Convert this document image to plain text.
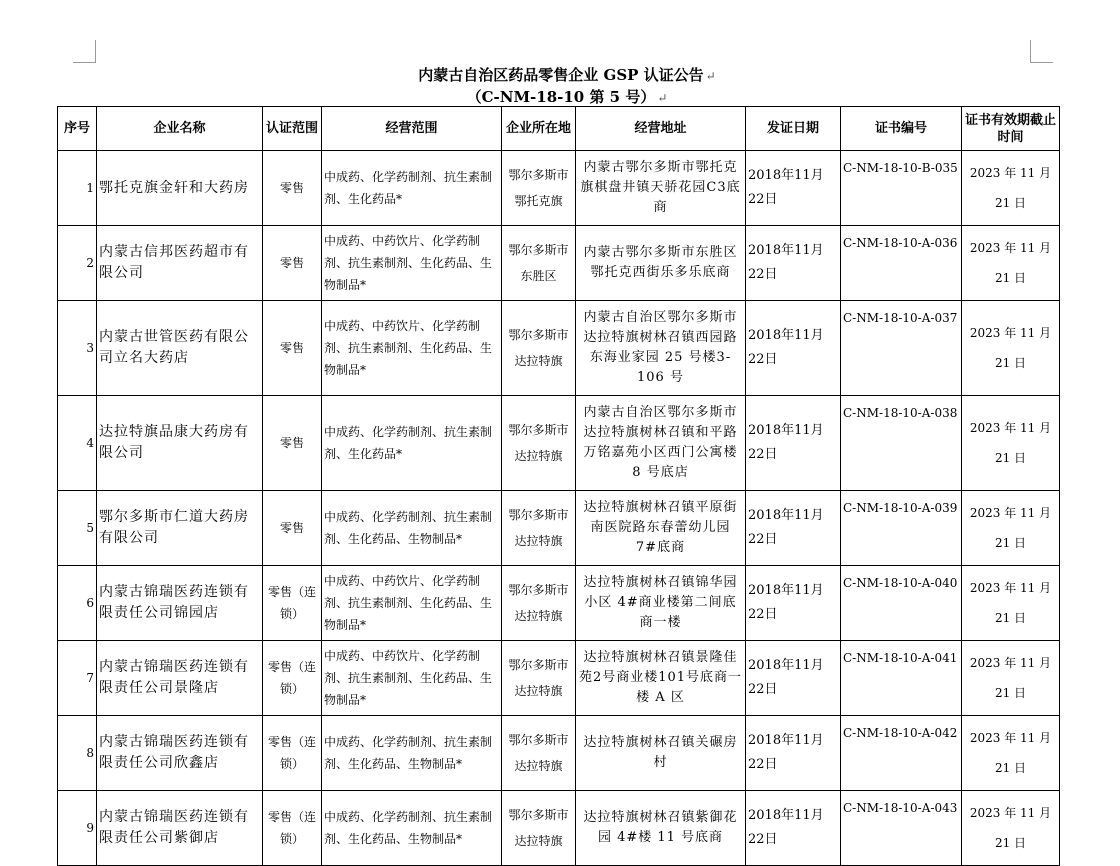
内蒙古自治区药品零售企业 GSP 认证公告 ↵
（C-NM-18-10 第 5 号） ↵
序号	企业名称	认证范围	经营范围	企业所在地	经营地址	发证日期	证书编号	证书有效期截止时间
1	鄂托克旗金轩和大药房	零售	中成药、化学药制剂、抗生素制剂、生化药品*	鄂尔多斯市鄂托克旗	内蒙古鄂尔多斯市鄂托克旗棋盘井镇天骄花园C3底商	2018年11月22日	C-NM-18-10-B-035	2023 年 11 月 21 日
2	内蒙古信邦医药超市有限公司	零售	中成药、中药饮片、化学药制剂、抗生素制剂、生化药品、生物制品*	鄂尔多斯市东胜区	内蒙古鄂尔多斯市东胜区鄂托克西街乐多乐底商	2018年11月22日	C-NM-18-10-A-036	2023 年 11 月 21 日
3	内蒙古世管医药有限公司立名大药店	零售	中成药、中药饮片、化学药制剂、抗生素制剂、生化药品、生物制品*	鄂尔多斯市达拉特旗	内蒙古自治区鄂尔多斯市达拉特旗树林召镇西园路东海业家园 25 号楼3-106 号	2018年11月22日	C-NM-18-10-A-037	2023 年 11 月 21 日
4	达拉特旗品康大药房有限公司	零售	中成药、化学药制剂、抗生素制剂、生化药品*	鄂尔多斯市达拉特旗	内蒙古自治区鄂尔多斯市达拉特旗树林召镇和平路万铭嘉苑小区西门公寓楼 8 号底店	2018年11月22日	C-NM-18-10-A-038	2023 年 11 月 21 日
5	鄂尔多斯市仁道大药房有限公司	零售	中成药、化学药制剂、抗生素制剂、生化药品、生物制品*	鄂尔多斯市达拉特旗	达拉特旗树林召镇平原街南医院路东春蕾幼儿园 7#底商	2018年11月22日	C-NM-18-10-A-039	2023 年 11 月 21 日
6	内蒙古锦瑞医药连锁有限责任公司锦园店	零售（连锁）	中成药、中药饮片、化学药制剂、抗生素制剂、生化药品、生物制品*	鄂尔多斯市达拉特旗	达拉特旗树林召镇锦华园小区 4#商业楼第二间底商一楼	2018年11月22日	C-NM-18-10-A-040	2023 年 11 月 21 日
7	内蒙古锦瑞医药连锁有限责任公司景隆店	零售（连锁）	中成药、中药饮片、化学药制剂、抗生素制剂、生化药品、生物制品*	鄂尔多斯市达拉特旗	达拉特旗树林召镇景隆佳苑2号商业楼101号底商一楼 A 区	2018年11月22日	C-NM-18-10-A-041	2023 年 11 月 21 日
8	内蒙古锦瑞医药连锁有限责任公司欣鑫店	零售（连锁）	中成药、化学药制剂、抗生素制剂、生化药品、生物制品*	鄂尔多斯市达拉特旗	达拉特旗树林召镇关碾房村	2018年11月22日	C-NM-18-10-A-042	2023 年 11 月 21 日
9	内蒙古锦瑞医药连锁有限责任公司紫御店	零售（连锁）	中成药、化学药制剂、抗生素制剂、生化药品、生物制品*	鄂尔多斯市达拉特旗	达拉特旗树林召镇紫御花园 4#楼 11 号底商	2018年11月22日	C-NM-18-10-A-043	2023 年 11 月 21 日
